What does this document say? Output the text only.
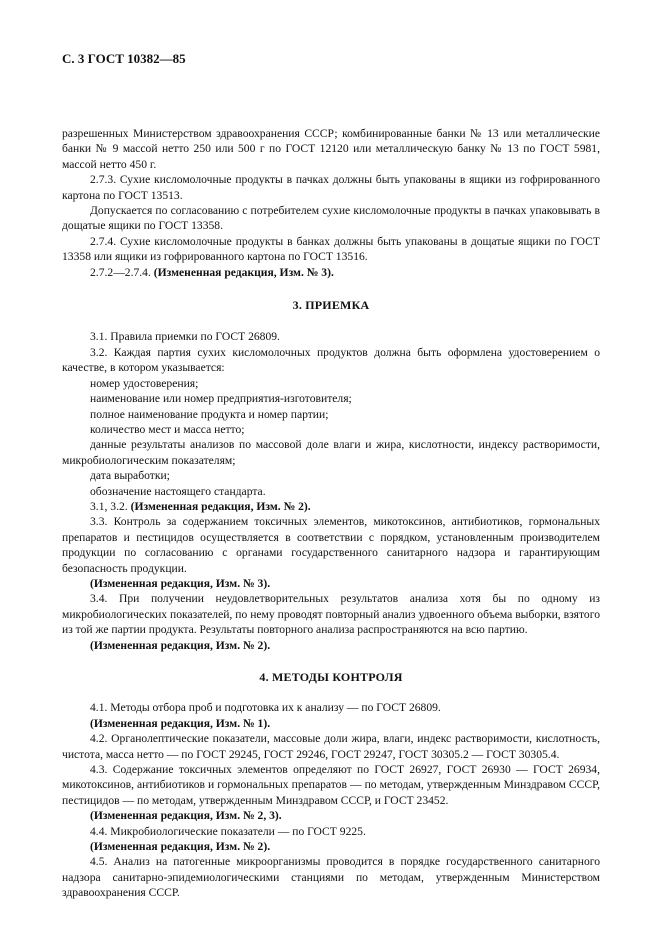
С. 3 ГОСТ 10382—85

разрешенных Министерством здравоохранения СССР; комбинированные банки № 13 или металлические банки № 9 массой нетто 250 или 500 г по ГОСТ 12120 или металлическую банку № 13 по ГОСТ 5981, массой нетто 450 г.

2.7.3. Сухие кисломолочные продукты в пачках должны быть упакованы в ящики из гофрированного картона по ГОСТ 13513.

Допускается по согласованию с потребителем сухие кисломолочные продукты в пачках упаковывать в дощатые ящики по ГОСТ 13358.

2.7.4. Сухие кисломолочные продукты в банках должны быть упакованы в дощатые ящики по ГОСТ 13358 или ящики из гофрированного картона по ГОСТ 13516.

2.7.2—2.7.4. (Измененная редакция, Изм. № 3).

3. ПРИЕМКА

3.1. Правила приемки по ГОСТ 26809.

3.2. Каждая партия сухих кисломолочных продуктов должна быть оформлена удостоверением о качестве, в котором указывается:

номер удостоверения;

наименование или номер предприятия-изготовителя;

полное наименование продукта и номер партии;

количество мест и масса нетто;

данные результаты анализов по массовой доле влаги и жира, кислотности, индексу растворимости, микробиологическим показателям;

дата выработки;

обозначение настоящего стандарта.

3.1, 3.2. (Измененная редакция, Изм. № 2).

3.3. Контроль за содержанием токсичных элементов, микотоксинов, антибиотиков, гормональных препаратов и пестицидов осуществляется в соответствии с порядком, установленным производителем продукции по согласованию с органами государственного санитарного надзора и гарантирующим безопасность продукции.

(Измененная редакция, Изм. № 3).

3.4. При получении неудовлетворительных результатов анализа хотя бы по одному из микробиологических показателей, по нему проводят повторный анализ удвоенного объема выборки, взятого из той же партии продукта. Результаты повторного анализа распространяются на всю партию.

(Измененная редакция, Изм. № 2).

4. МЕТОДЫ КОНТРОЛЯ

4.1. Методы отбора проб и подготовка их к анализу — по ГОСТ 26809.

(Измененная редакция, Изм. № 1).

4.2. Органолептические показатели, массовые доли жира, влаги, индекс растворимости, кислотность, чистота, масса нетто — по ГОСТ 29245, ГОСТ 29246, ГОСТ 29247, ГОСТ 30305.2 — ГОСТ 30305.4.

4.3. Содержание токсичных элементов определяют по ГОСТ 26927, ГОСТ 26930 — ГОСТ 26934, микотоксинов, антибиотиков и гормональных препаратов — по методам, утвержденным Минздравом СССР, пестицидов — по методам, утвержденным Минздравом СССР, и ГОСТ 23452.

(Измененная редакция, Изм. № 2, 3).

4.4. Микробиологические показатели — по ГОСТ 9225.

(Измененная редакция, Изм. № 2).

4.5. Анализ на патогенные микроорганизмы проводится в порядке государственного санитарного надзора санитарно-эпидемиологическими станциями по методам, утвержденным Министерством здравоохранения СССР.
